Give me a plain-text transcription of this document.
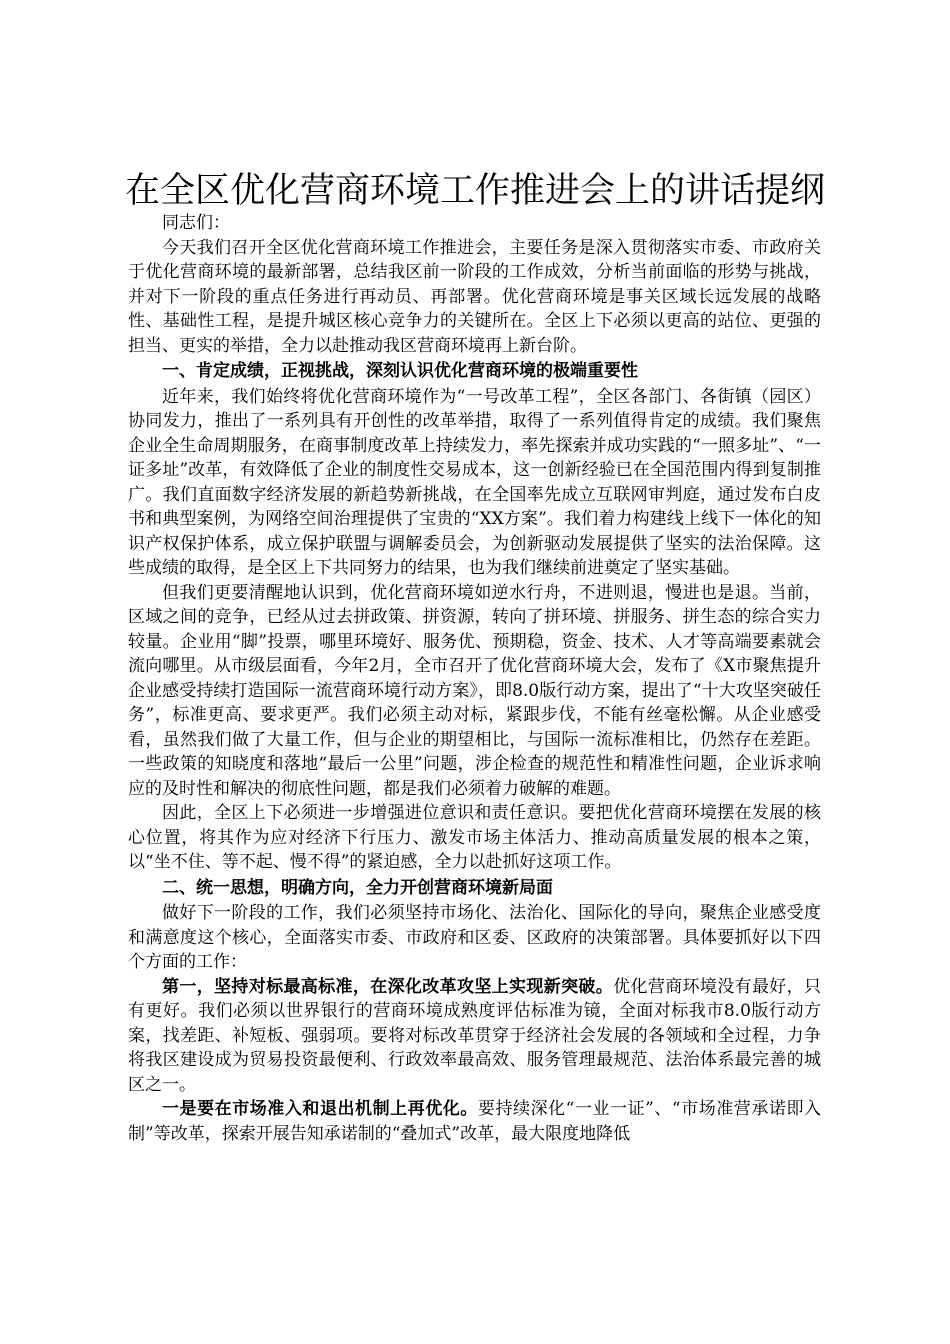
在全区优化营商环境工作推进会上的讲话提纲

同志们：

今天我们召开全区优化营商环境工作推进会，主要任务是深入贯彻落实市委、市政府关于优化营商环境的最新部署，总结我区前一阶段的工作成效，分析当前面临的形势与挑战，并对下一阶段的重点任务进行再动员、再部署。优化营商环境是事关区域长远发展的战略性、基础性工程，是提升城区核心竞争力的关键所在。全区上下必须以更高的站位、更强的担当、更实的举措，全力以赴推动我区营商环境再上新台阶。

一、肯定成绩，正视挑战，深刻认识优化营商环境的极端重要性

近年来，我们始终将优化营商环境作为“一号改革工程”，全区各部门、各街镇（园区）协同发力，推出了一系列具有开创性的改革举措，取得了一系列值得肯定的成绩。我们聚焦企业全生命周期服务，在商事制度改革上持续发力，率先探索并成功实践的“一照多址”、“一证多址”改革，有效降低了企业的制度性交易成本，这一创新经验已在全国范围内得到复制推广。我们直面数字经济发展的新趋势新挑战，在全国率先成立互联网审判庭，通过发布白皮书和典型案例，为网络空间治理提供了宝贵的“XX方案”。我们着力构建线上线下一体化的知识产权保护体系，成立保护联盟与调解委员会，为创新驱动发展提供了坚实的法治保障。这些成绩的取得，是全区上下共同努力的结果，也为我们继续前进奠定了坚实基础。

但我们更要清醒地认识到，优化营商环境如逆水行舟，不进则退，慢进也是退。当前，区域之间的竞争，已经从过去拼政策、拼资源，转向了拼环境、拼服务、拼生态的综合实力较量。企业用“脚”投票，哪里环境好、服务优、预期稳，资金、技术、人才等高端要素就会流向哪里。从市级层面看，今年2月，全市召开了优化营商环境大会，发布了《X市聚焦提升企业感受持续打造国际一流营商环境行动方案》，即8.0版行动方案，提出了“十大攻坚突破任务”，标准更高、要求更严。我们必须主动对标，紧跟步伐，不能有丝毫松懈。从企业感受看，虽然我们做了大量工作，但与企业的期望相比，与国际一流标准相比，仍然存在差距。一些政策的知晓度和落地“最后一公里”问题，涉企检查的规范性和精准性问题，企业诉求响应的及时性和解决的彻底性问题，都是我们必须着力破解的难题。

因此，全区上下必须进一步增强进位意识和责任意识。要把优化营商环境摆在发展的核心位置，将其作为应对经济下行压力、激发市场主体活力、推动高质量发展的根本之策，以“坐不住、等不起、慢不得”的紧迫感，全力以赴抓好这项工作。

二、统一思想，明确方向，全力开创营商环境新局面

做好下一阶段的工作，我们必须坚持市场化、法治化、国际化的导向，聚焦企业感受度和满意度这个核心，全面落实市委、市政府和区委、区政府的决策部署。具体要抓好以下四个方面的工作：

第一，坚持对标最高标准，在深化改革攻坚上实现新突破。优化营商环境没有最好，只有更好。我们必须以世界银行的营商环境成熟度评估标准为镜，全面对标我市8.0版行动方案，找差距、补短板、强弱项。要将对标改革贯穿于经济社会发展的各领域和全过程，力争将我区建设成为贸易投资最便利、行政效率最高效、服务管理最规范、法治体系最完善的城区之一。

一是要在市场准入和退出机制上再优化。要持续深化“一业一证”、“市场准营承诺即入制”等改革，探索开展告知承诺制的“叠加式”改革，最大限度地降低
